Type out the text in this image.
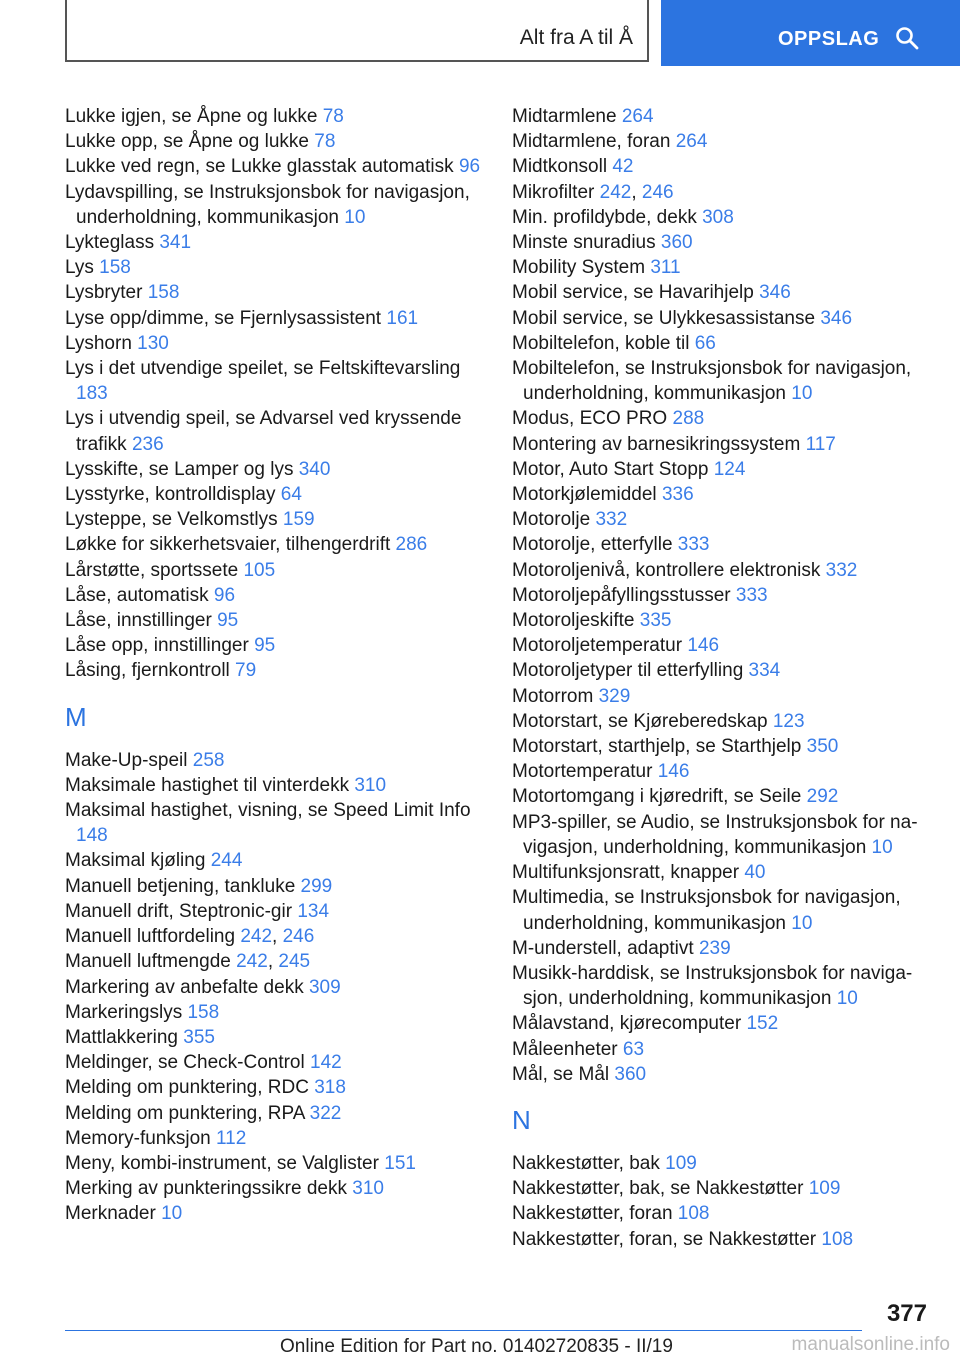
Alt fra A til Å	OPPSLAG
Lukke igjen, se Åpne og lukke 78
Lukke opp, se Åpne og lukke 78
Lukke ved regn, se Lukke glasstak automatisk 96
Lydavspilling, se Instruksjonsbok for navigasjon, underholdning, kommunikasjon 10
Lykteglass 341
Lys 158
Lysbryter 158
Lyse opp/dimme, se Fjernlysassistent 161
Lyshorn 130
Lys i det utvendige speilet, se Feltskiftevarsling 183
Lys i utvendig speil, se Advarsel ved kryssende trafikk 236
Lysskifte, se Lamper og lys 340
Lysstyrke, kontrolldisplay 64
Lysteppe, se Velkomstlys 159
Løkke for sikkerhetsvaier, tilhengerdrift 286
Lårstøtte, sportssete 105
Låse, automatisk 96
Låse, innstillinger 95
Låse opp, innstillinger 95
Låsing, fjernkontroll 79
M
Make-Up-speil 258
Maksimale hastighet til vinterdekk 310
Maksimal hastighet, visning, se Speed Limit Info 148
Maksimal kjøling 244
Manuell betjening, tankluke 299
Manuell drift, Steptronic-gir 134
Manuell luftfordeling 242, 246
Manuell luftmengde 242, 245
Markering av anbefalte dekk 309
Markeringslys 158
Mattlakkering 355
Meldinger, se Check-Control 142
Melding om punktering, RDC 318
Melding om punktering, RPA 322
Memory-funksjon 112
Meny, kombi-instrument, se Valglister 151
Merking av punkteringssikre dekk 310
Merknader 10
Midtarmlene 264
Midtarmlene, foran 264
Midtkonsoll 42
Mikrofilter 242, 246
Min. profildybde, dekk 308
Minste snuradius 360
Mobility System 311
Mobil service, se Havarihjelp 346
Mobil service, se Ulykkesassistanse 346
Mobiltelefon, koble til 66
Mobiltelefon, se Instruksjonsbok for navigasjon, underholdning, kommunikasjon 10
Modus, ECO PRO 288
Montering av barnesikringssystem 117
Motor, Auto Start Stopp 124
Motorkjølemiddel 336
Motorolje 332
Motorolje, etterfylle 333
Motoroljenivå, kontrollere elektronisk 332
Motoroljepåfyllingsstusser 333
Motoroljeskifte 335
Motoroljetemperatur 146
Motoroljetyper til etterfylling 334
Motorrom 329
Motorstart, se Kjøreberedskap 123
Motorstart, starthjelp, se Starthjelp 350
Motortemperatur 146
Motortomgang i kjøredrift, se Seile 292
MP3-spiller, se Audio, se Instruksjonsbok for navigasjon, underholdning, kommunikasjon 10
Multifunksjonsratt, knapper 40
Multimedia, se Instruksjonsbok for navigasjon, underholdning, kommunikasjon 10
M-understell, adaptivt 239
Musikk-harddisk, se Instruksjonsbok for navigasjon, underholdning, kommunikasjon 10
Målavstand, kjørecomputer 152
Måleenheter 63
Mål, se Mål 360
N
Nakkestøtter, bak 109
Nakkestøtter, bak, se Nakkestøtter 109
Nakkestøtter, foran 108
Nakkestøtter, foran, se Nakkestøtter 108
377
Online Edition for Part no. 01402720835 - II/19	manualsonline.info
